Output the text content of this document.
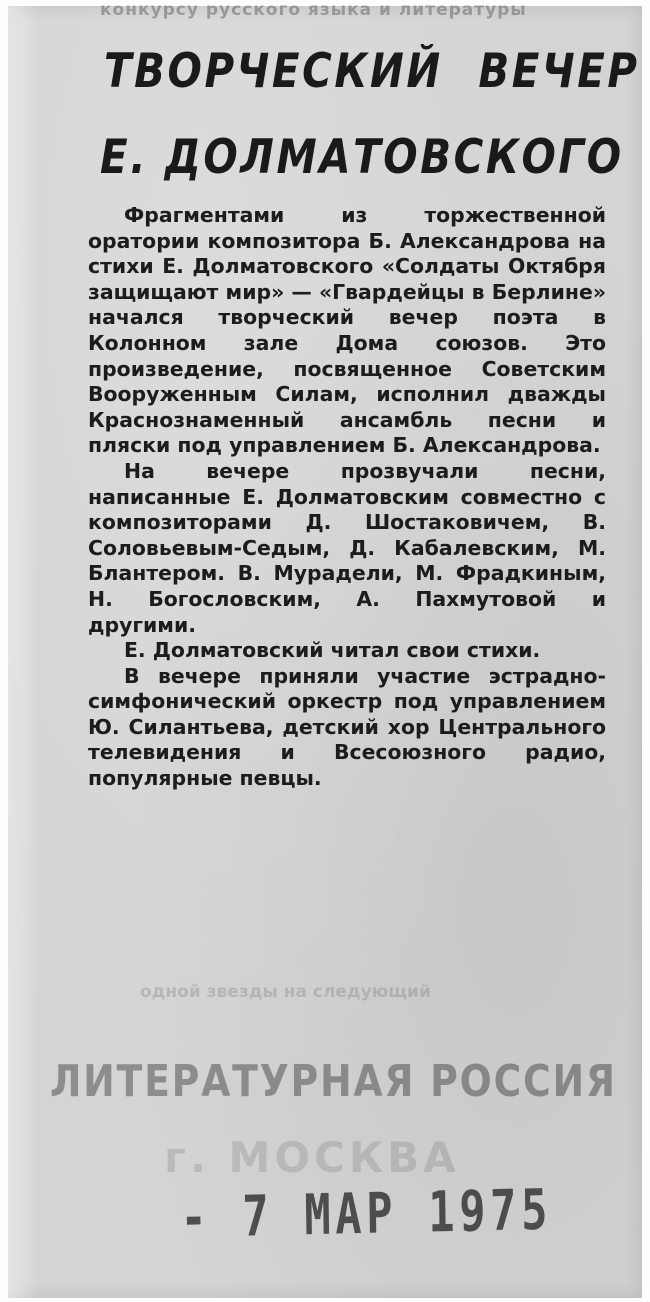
конкурсу русского языка и литературы
ТВОРЧЕСКИЙ ВЕЧЕР
Е. ДОЛМАТОВСКОГО

Фрагментами из торжественной оратории композитора Б. Александрова на стихи Е. Долматовского «Солдаты Октября защищают мир» — «Гвардейцы в Берлине» начался творческий вечер поэта в Колонном зале Дома союзов. Это произведение, посвященное Советским Вооруженным Силам, исполнил дважды Краснознаменный ансамбль песни и пляски под управлением Б. Александрова.

На вечере прозвучали песни, написанные Е. Долматовским совместно с композиторами Д. Шостаковичем, В. Соловьевым-Седым, Д. Кабалевским, М. Блантером. В. Мурадели, М. Фрадкиным, Н. Богословским, А. Пахмутовой и другими.

Е. Долматовский читал свои стихи.

В вечере приняли участие эстрадно-симфонический оркестр под управлением Ю. Силантьева, детский хор Центрального телевидения и Всесоюзного радио, популярные певцы.

одной звезды на следующий
ЛИТЕРАТУРНАЯ РОССИЯ
г. МОСКВА
- 7 МАР 1975
